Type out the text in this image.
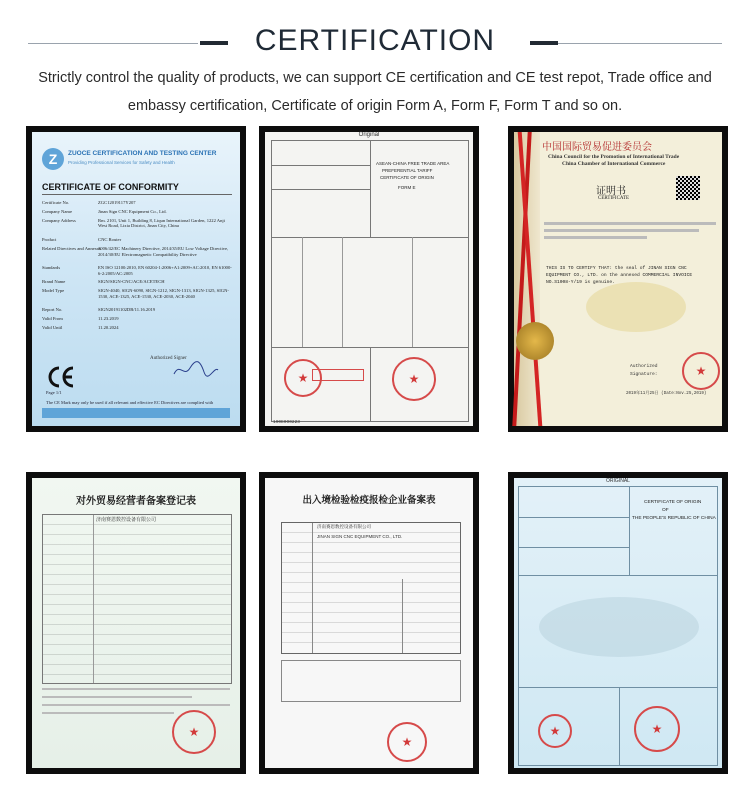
CERTIFICATION
Strictly control the quality of products, we can support CE certification and CE test repot, Trade office and
embassy certification, Certificate of origin Form A, Form F, Form T and so on.
Z	ZUOCE CERTIFICATION AND TESTING CENTER
Providing Professional Services for Safety and Health
CERTIFICATE OF CONFORMITY
Certificate No.	ZGC12019117Y207
Company Name	Jinan Sign CNC Equipment Co., Ltd.
Company Address	Rm. 2101, Unit 1, Building 8, Liqun International Garden, 1222 Anji West Road, Lixia District, Jinan City, China
Product	CNC Router
Related Directives and Annexes
2006/42/EC Machinery Directive, 2014/35/EU Low Voltage Directive, 2014/30/EU Electromagnetic Compatibility Directive
Standards	EN ISO 12100:2010, EN 60204-1:2006+A1:2009+AC:2010, EN 61000-6-2:2005/AC:2005
Brand Name	SIGN/SIGN-CNC/ACE/ACETECH
Model Type	SIGN-4040, SIGN-6090, SIGN-1212, SIGN-1313, SIGN-1325, SIGN-1530, ACE-1325, ACE-1530, ACE-2030, ACE-2040
Report No.	SIGN20191102DB/11.16.2019
Valid From	11.23.2019
Valid Until	11.20.2024
Authorized Signer
The CE Mark may only be used if all relevant and effective EC Directives are complied with
Page 1/1
Original
ASEAN-CHINA FREE TRADE AREA
PREFERENTIAL TARIFF
CERTIFICATE OF ORIGIN
FORM E
★	★
190E0O0223
中国国际贸易促进委员会
China Council for the Promotion of International Trade
China Chamber of International Commerce
证明书
CERTIFICATE
THIS IS TO CERTIFY THAT: the seal of JINAN SIGN CNC
EQUIPMENT CO., LTD. on the annexed COMMERCIAL INVOICE
NO.S1008-Y/19 is genuine.
Authorized
Signature:	★
2019年11月25日 (Date:Nov.25,2019)
对外贸易经营者备案登记表
济南赛恩数控设备有限公司
★
出入境检验检疫报检企业备案表
济南赛恩数控设备有限公司
JINAN SIGN CNC EQUIPMENT CO., LTD.
★
ORIGINAL
CERTIFICATE OF ORIGIN
OF
THE PEOPLE'S REPUBLIC OF CHINA
★
★
